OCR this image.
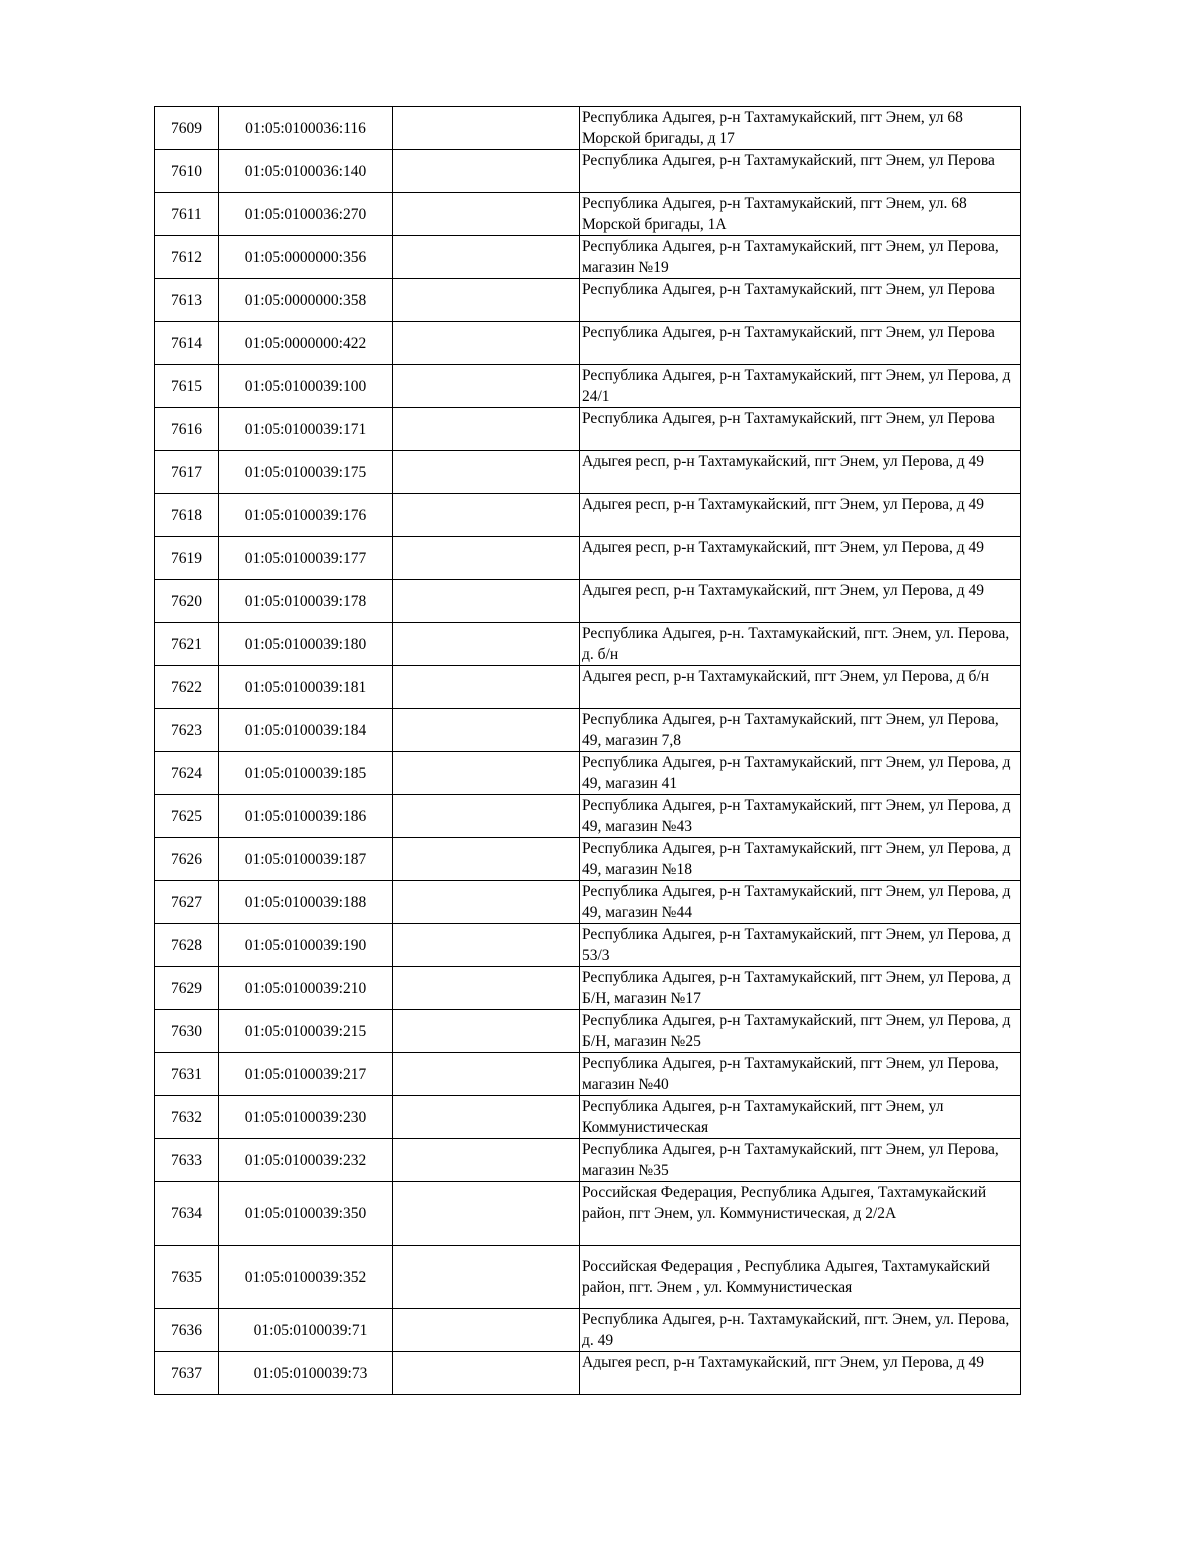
7609	01:05:0100036:116		Республика Адыгея, р-н Тахтамукайский, пгт Энем, ул 68 Морской бригады, д 17
7610	01:05:0100036:140		Республика Адыгея, р-н Тахтамукайский, пгт Энем, ул Перова
7611	01:05:0100036:270		Республика Адыгея, р-н Тахтамукайский, пгт Энем, ул. 68 Морской бригады, 1А
7612	01:05:0000000:356		Республика Адыгея, р-н Тахтамукайский, пгт Энем, ул Перова, магазин №19
7613	01:05:0000000:358		Республика Адыгея, р-н Тахтамукайский, пгт Энем, ул Перова
7614	01:05:0000000:422		Республика Адыгея, р-н Тахтамукайский, пгт Энем, ул Перова
7615	01:05:0100039:100		Республика Адыгея, р-н Тахтамукайский, пгт Энем, ул Перова, д 24/1
7616	01:05:0100039:171		Республика Адыгея, р-н Тахтамукайский, пгт Энем, ул Перова
7617	01:05:0100039:175		Адыгея респ, р-н Тахтамукайский, пгт Энем, ул Перова, д 49
7618	01:05:0100039:176		Адыгея респ, р-н Тахтамукайский, пгт Энем, ул Перова, д 49
7619	01:05:0100039:177		Адыгея респ, р-н Тахтамукайский, пгт Энем, ул Перова, д 49
7620	01:05:0100039:178		Адыгея респ, р-н Тахтамукайский, пгт Энем, ул Перова, д 49
7621	01:05:0100039:180		Республика Адыгея, р-н. Тахтамукайский, пгт. Энем, ул. Перова, д. б/н
7622	01:05:0100039:181		Адыгея респ, р-н Тахтамукайский, пгт Энем, ул Перова, д б/н
7623	01:05:0100039:184		Республика Адыгея, р-н Тахтамукайский, пгт Энем, ул Перова, 49, магазин 7,8
7624	01:05:0100039:185		Республика Адыгея, р-н Тахтамукайский, пгт Энем, ул Перова, д 49, магазин 41
7625	01:05:0100039:186		Республика Адыгея, р-н Тахтамукайский, пгт Энем, ул Перова, д 49, магазин №43
7626	01:05:0100039:187		Республика Адыгея, р-н Тахтамукайский, пгт Энем, ул Перова, д 49, магазин №18
7627	01:05:0100039:188		Республика Адыгея, р-н Тахтамукайский, пгт Энем, ул Перова, д 49, магазин №44
7628	01:05:0100039:190		Республика Адыгея, р-н Тахтамукайский, пгт Энем, ул Перова, д 53/3
7629	01:05:0100039:210		Республика Адыгея, р-н Тахтамукайский, пгт Энем, ул Перова, д Б/Н, магазин №17
7630	01:05:0100039:215		Республика Адыгея, р-н Тахтамукайский, пгт Энем, ул Перова, д Б/Н, магазин №25
7631	01:05:0100039:217		Республика Адыгея, р-н Тахтамукайский, пгт Энем, ул Перова, магазин №40
7632	01:05:0100039:230		Республика Адыгея, р-н Тахтамукайский, пгт Энем, ул Коммунистическая
7633	01:05:0100039:232		Республика Адыгея, р-н Тахтамукайский, пгт Энем, ул Перова, магазин №35
7634	01:05:0100039:350		Российская Федерация, Республика Адыгея, Тахтамукайский район, пгт Энем, ул. Коммунистическая, д 2/2А
7635	01:05:0100039:352		Российская Федерация , Республика Адыгея, Тахтамукайский район, пгт. Энем , ул. Коммунистическая
7636	01:05:0100039:71		Республика Адыгея, р-н. Тахтамукайский, пгт. Энем, ул. Перова, д. 49
7637	01:05:0100039:73		Адыгея респ, р-н Тахтамукайский, пгт Энем, ул Перова, д 49
